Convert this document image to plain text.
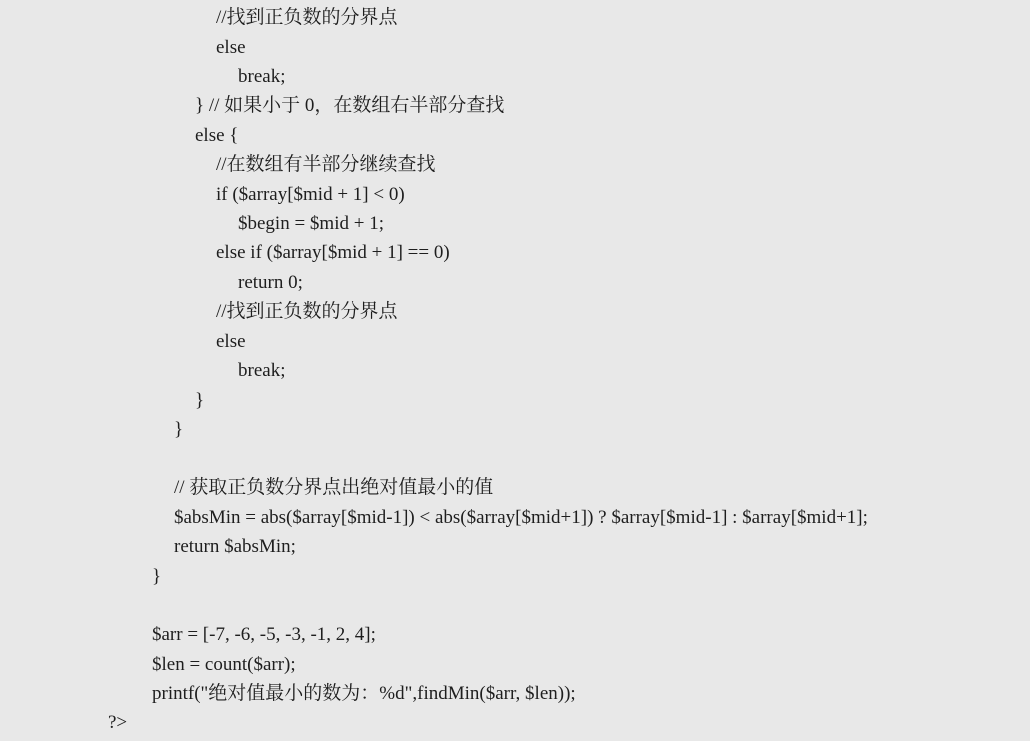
//找到正负数的分界点
else
break;
} // 如果小于 0，在数组右半部分查找
else {
//在数组有半部分继续查找
if ($array[$mid + 1] < 0)
$begin = $mid + 1;
else if ($array[$mid + 1] == 0)
return 0;
//找到正负数的分界点
else
break;
}
}
// 获取正负数分界点出绝对值最小的值
$absMin = abs($array[$mid-1]) < abs($array[$mid+1]) ? $array[$mid-1] : $array[$mid+1];
return $absMin;
}
$arr = [-7, -6, -5, -3, -1, 2, 4];
$len = count($arr);
printf("绝对值最小的数为：%d",findMin($arr, $len));
?>
